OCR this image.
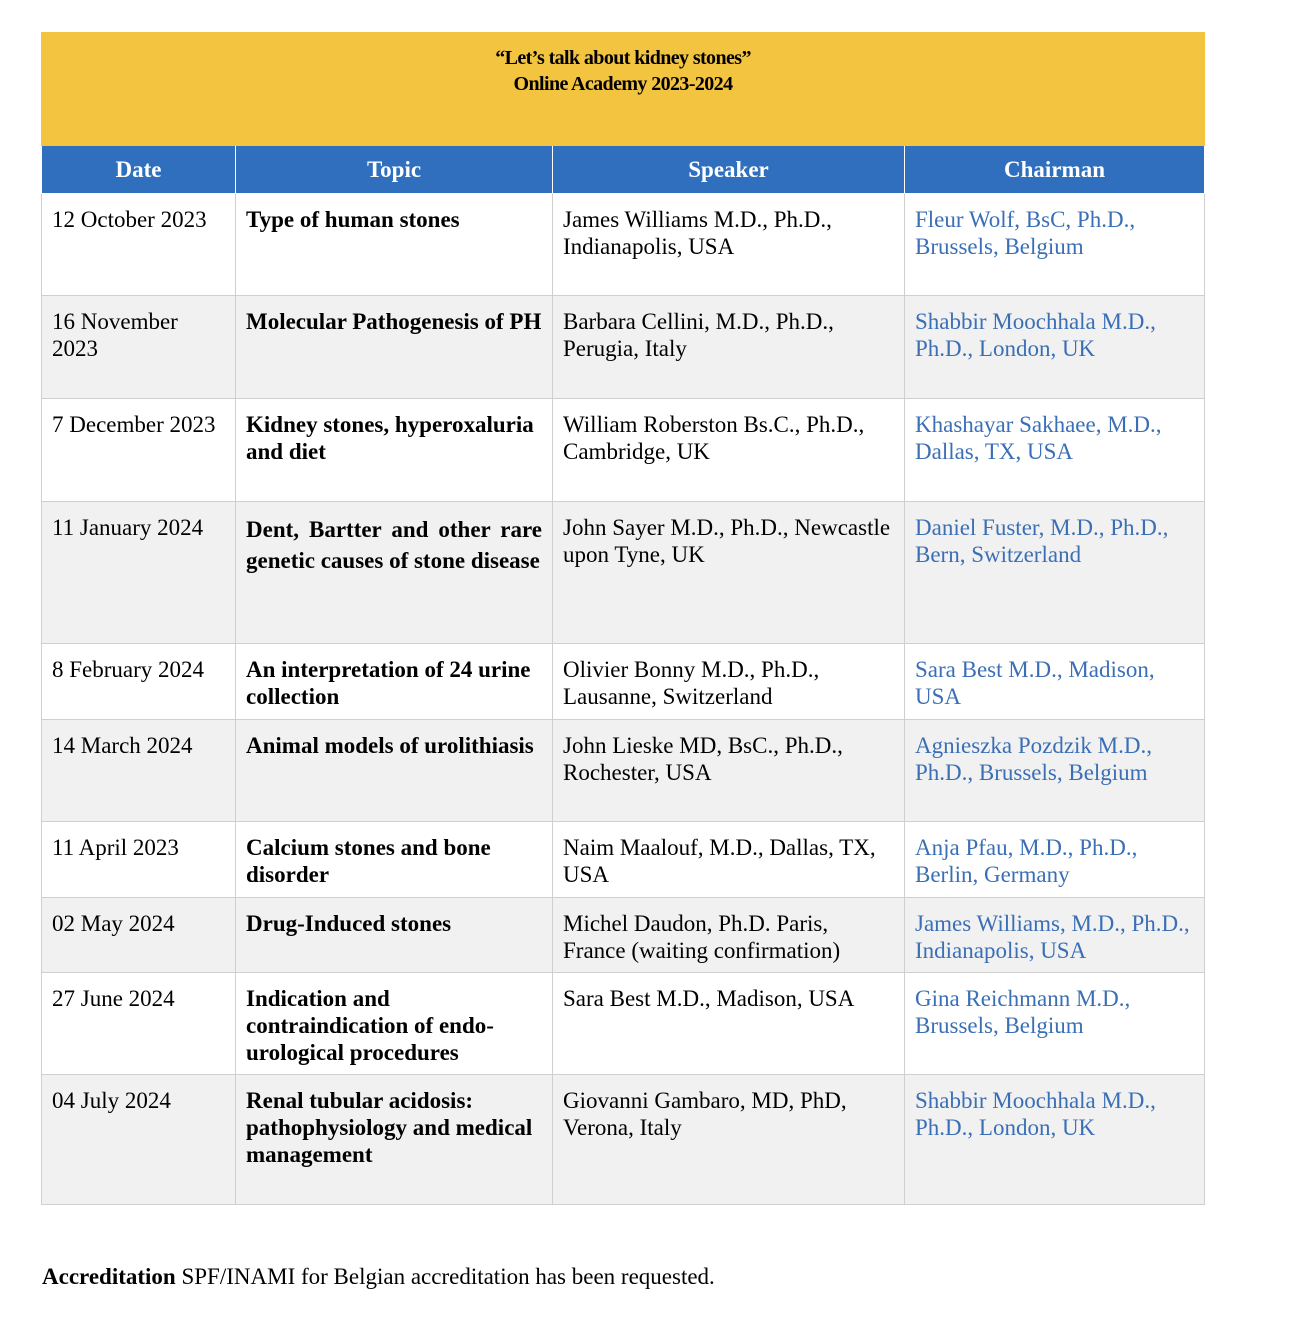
“Let’s talk about kidney stones”
Online Academy 2023-2024			

Date	Topic	Speaker	Chairman
12 October 2023	Type of human stones	James Williams M.D., Ph.D., Indianapolis, USA	Fleur Wolf, BsC, Ph.D., Brussels, Belgium
16 November 2023	Molecular Pathogenesis of PH	Barbara Cellini, M.D., Ph.D., Perugia, Italy	Shabbir Moochhala M.D., Ph.D., London, UK
7 December 2023	Kidney stones, hyperoxaluria and diet	William Roberston Bs.C., Ph.D., Cambridge, UK	Khashayar Sakhaee, M.D., Dallas, TX, USA
11 January 2024	Dent, Bartter and other rare genetic causes of stone disease	John Sayer M.D., Ph.D., Newcastle upon Tyne, UK	Daniel Fuster, M.D., Ph.D., Bern, Switzerland
8 February 2024	An interpretation of 24 urine collection	Olivier Bonny M.D., Ph.D., Lausanne, Switzerland	Sara Best M.D., Madison, USA
14 March 2024	Animal models of urolithiasis	John Lieske MD, BsC., Ph.D., Rochester, USA	Agnieszka Pozdzik M.D., Ph.D., Brussels, Belgium
11 April 2023	Calcium stones and bone disorder	Naim Maalouf, M.D., Dallas, TX, USA	Anja Pfau, M.D., Ph.D., Berlin, Germany
02 May 2024	Drug-Induced stones	Michel Daudon, Ph.D. Paris, France (waiting confirmation)	James Williams, M.D., Ph.D., Indianapolis, USA
27 June 2024	Indication and contraindication of endo-urological procedures	Sara Best M.D., Madison, USA	Gina Reichmann M.D., Brussels, Belgium
04 July 2024	Renal tubular acidosis: pathophysiology and medical management	Giovanni Gambaro, MD, PhD, Verona, Italy	Shabbir Moochhala M.D., Ph.D., London, UK
Accreditation SPF/INAMI for Belgian accreditation has been requested.
